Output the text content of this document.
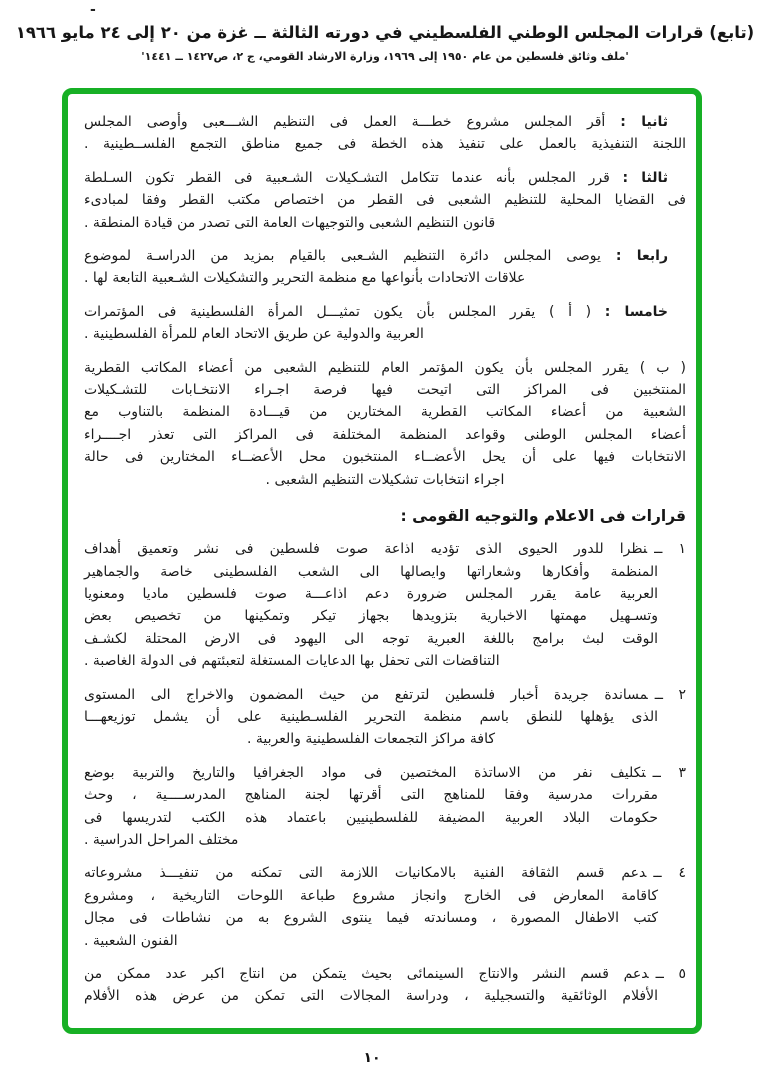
-
(تابع) قرارات المجلس الوطني الفلسطيني في دورته الثالثة ــ غزة من ٢٠ إلى ٢٤ مايو ١٩٦٦
'ملف وثائق فلسطين من عام ١٩٥٠ إلى ١٩٦٩، وزارة الارشاد القومي، ج ٢، ص١٤٢٧ ــ ١٤٤١'
ثانيا : أقر المجلس مشروع خطـــة العمل فى التنظيم الشـــعبى وأوصى المجلس
اللجنة التنفيذية بالعمل على تنفيذ هذه الخطة فى جميع مناطق التجمع الفلســطينية .
ثالثا : قرر المجلس بأنه عندما تتكامل التشـكيلات الشـعبية فى القطر تكون السـلطة
فى القضايا المحلية للتنظيم الشعبى فى القطر من اختصاص مكتب القطر وفقا لمبادىء
قانون التنظيم الشعبى والتوجيهات العامة التى تصدر من قيادة المنطقة .
رابعا : يوصى المجلس دائرة التنظيم الشـعبى بالقيام بمزيد من الدراسـة لموضوع
علاقات الاتحادات بأنواعها مع منظمة التحرير والتشكيلات الشـعبية التابعة لها .
خامسا : ( أ ) يقرر المجلس بأن يكون تمثيـــل المرأة الفلسطينية فى المؤتمرات
العربية والدولية عن طريق الاتحاد العام للمرأة الفلسطينية .
( ب ) يقرر المجلس بأن يكون المؤتمر العام للتنظيم الشعبى من أعضاء المكاتب القطرية
المنتخبين فى المراكز التى اتيحت فيها فرصة اجـراء الانتخـابات للتشـكيلات
الشعبية من أعضاء المكاتب القطرية المختارين من قيـــادة المنظمة بالتناوب مع
أعضاء المجلس الوطنى وقواعد المنظمة المختلفة فى المراكز التى تعذر اجــــراء
الانتخابات فيها على أن يحل الأعضــاء المنتخبون محل الأعضــاء المختارين فى حالة
اجراء انتخابات تشكيلات التنظيم الشعبى .
قرارات فى الاعلام والتوجيه القومى :
١ ــنظرا للدور الحيوى الذى تؤديه اذاعة صوت فلسطين فى نشر وتعميق أهداف
المنظمة وأفكارها وشعاراتها وايصالها الى الشعب الفلسطينى خاصة والجماهير
العربية عامة يقرر المجلس ضرورة دعم اذاعـــة صوت فلسطين ماديا ومعنويا
وتسـهيل مهمتها الاخبارية بتزويدها بجهاز تيكر وتمكينها من تخصيص بعض
الوقت لبث برامج باللغة العبرية توجه الى اليهود فى الارض المحتلة لكشـف
التناقضات التى تحفل بها الدعايات المستغلة لتعبئتهم فى الدولة الغاصبة .
٢ ــمساندة جريدة أخبار فلسطين لترتفع من حيث المضمون والاخراج الى المستوى
الذى يؤهلها للنطق باسم منظمة التحرير الفلسـطينية على أن يشمل توزيعهـــا
كافة مراكز التجمعات الفلسطينية والعربية .
٣ ــتكليف نفر من الاساتذة المختصين فى مواد الجغرافيا والتاريخ والتربية بوضع
مقررات مدرسية وفقا للمناهج التى أقرتها لجنة المناهج المدرســــية ، وحث
حكومات البلاد العربية المضيفة للفلسطينيين باعتماد هذه الكتب لتدريسها فى
مختلف المراحل الدراسية .
٤ ــدعم قسم الثقافة الفنية بالامكانيات اللازمة التى تمكنه من تنفيـــذ مشروعاته
كاقامة المعارض فى الخارج وانجاز مشروع طباعة اللوحات التاريخية ، ومشروع
كتب الاطفال المصورة ، ومساندته فيما ينتوى الشروع به من نشاطات فى مجال
الفنون الشعبية .
٥ ــدعم قسم النشر والانتاج السينمائى بحيث يتمكن من انتاج اكبر عدد ممكن من
الأفلام الوثائقية والتسجيلية ، ودراسة المجالات التى تمكن من عرض هذه الأفلام
١٠
